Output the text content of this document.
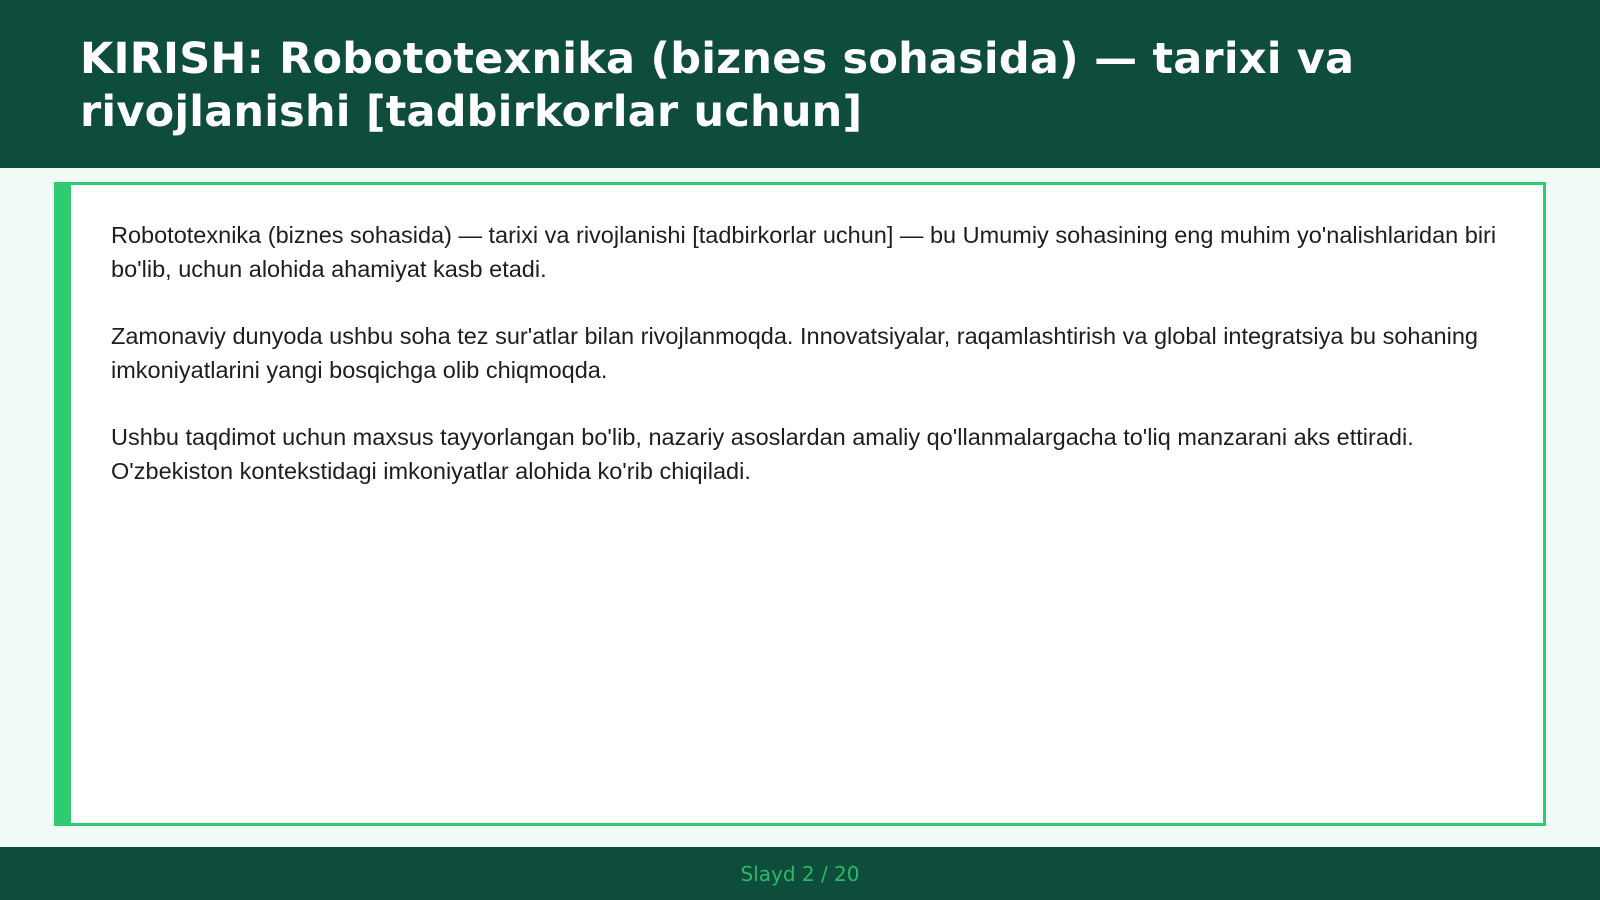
KIRISH: Robototexnika (biznes sohasida) — tarixi va rivojlanishi [tadbirkorlar uchun]

Robototexnika (biznes sohasida) — tarixi va rivojlanishi [tadbirkorlar uchun] — bu Umumiy sohasining eng muhim yo'nalishlaridan biri bo'lib, uchun alohida ahamiyat kasb etadi.

Zamonaviy dunyoda ushbu soha tez sur'atlar bilan rivojlanmoqda. Innovatsiyalar, raqamlashtirish va global integratsiya bu sohaning imkoniyatlarini yangi bosqichga olib chiqmoqda.

Ushbu taqdimot uchun maxsus tayyorlangan bo'lib, nazariy asoslardan amaliy qo'llanmalargacha to'liq manzarani aks ettiradi. O'zbekiston kontekstidagi imkoniyatlar alohida ko'rib chiqiladi.

Slayd 2 / 20
